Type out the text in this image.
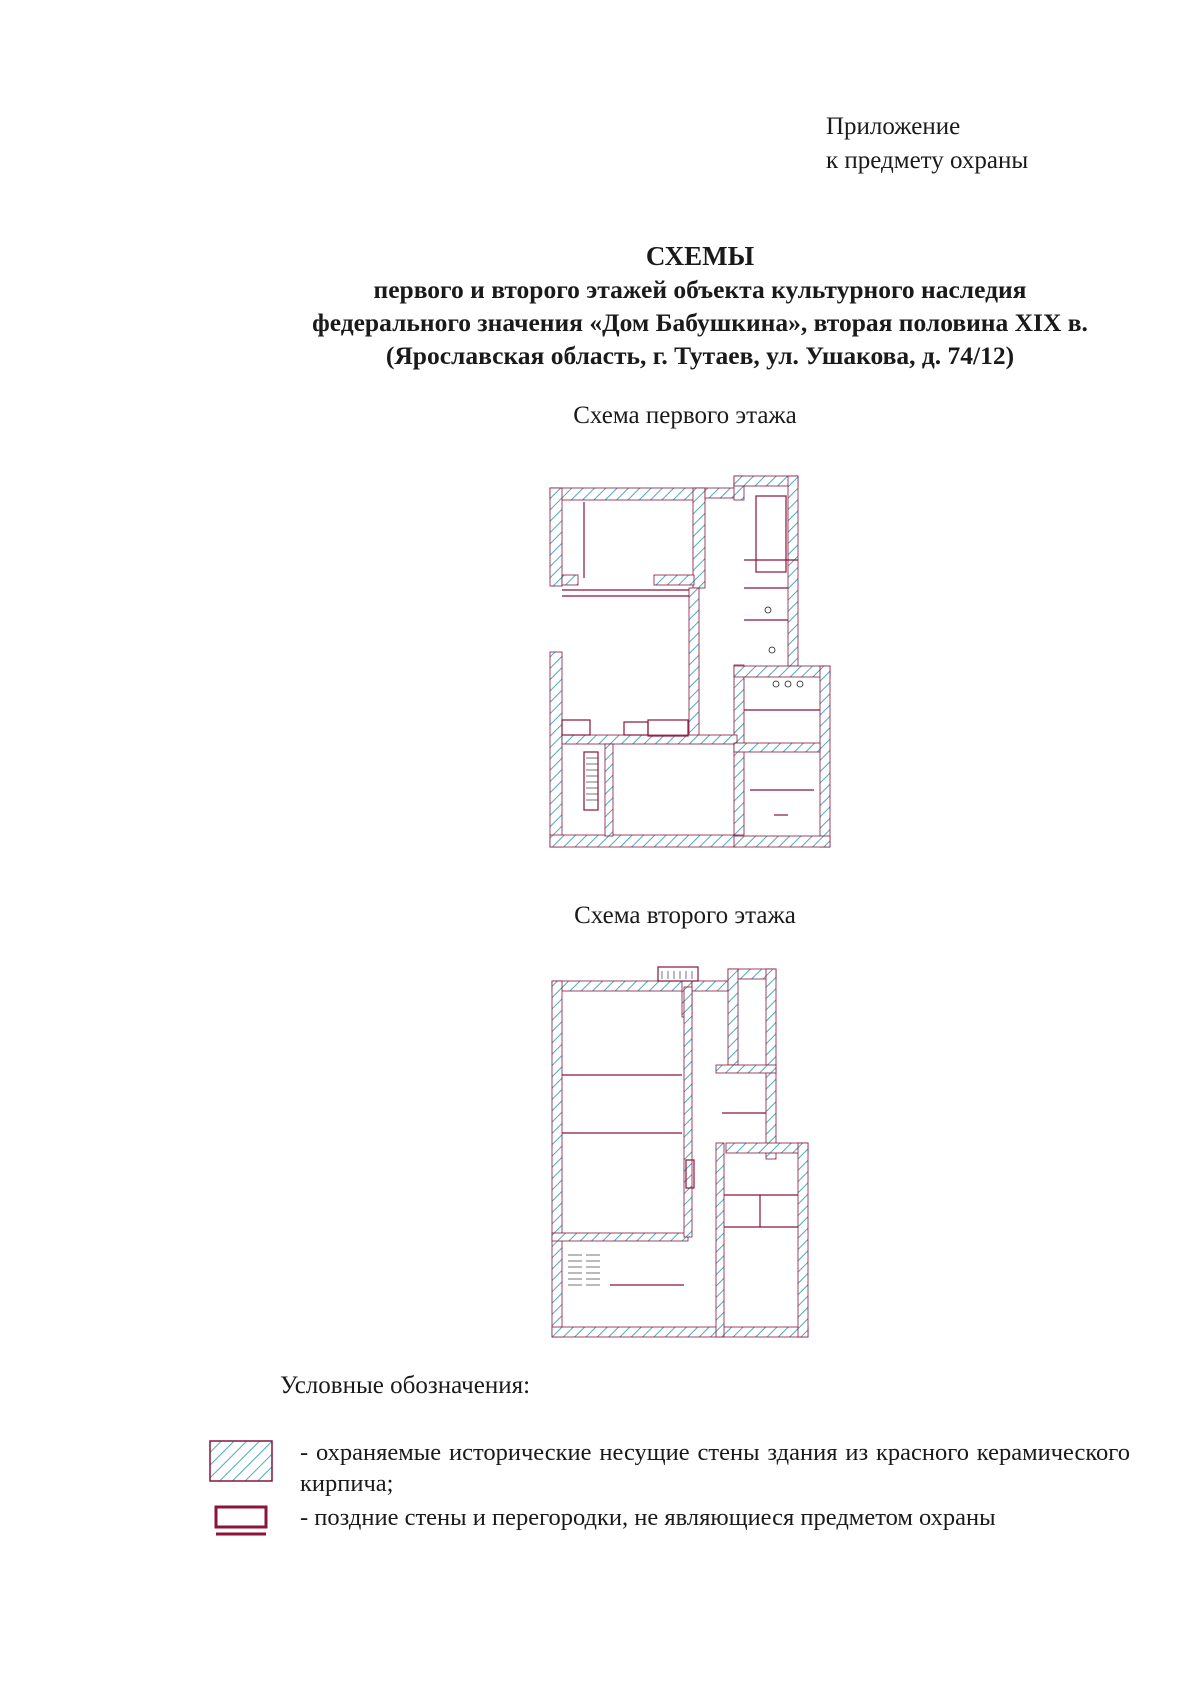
Приложение
к предмету охраны
СХЕМЫ
первого и второго этажей объекта культурного наследия
федерального значения «Дом Бабушкина», вторая половина XIX в.
(Ярославская область, г. Тутаев, ул. Ушакова, д. 74/12)
Схема первого этажа
Схема второго этажа
Условные обозначения:
- охраняемые исторические несущие стены здания из красного керамического кирпича;
- поздние стены и перегородки, не являющиеся предметом охраны
